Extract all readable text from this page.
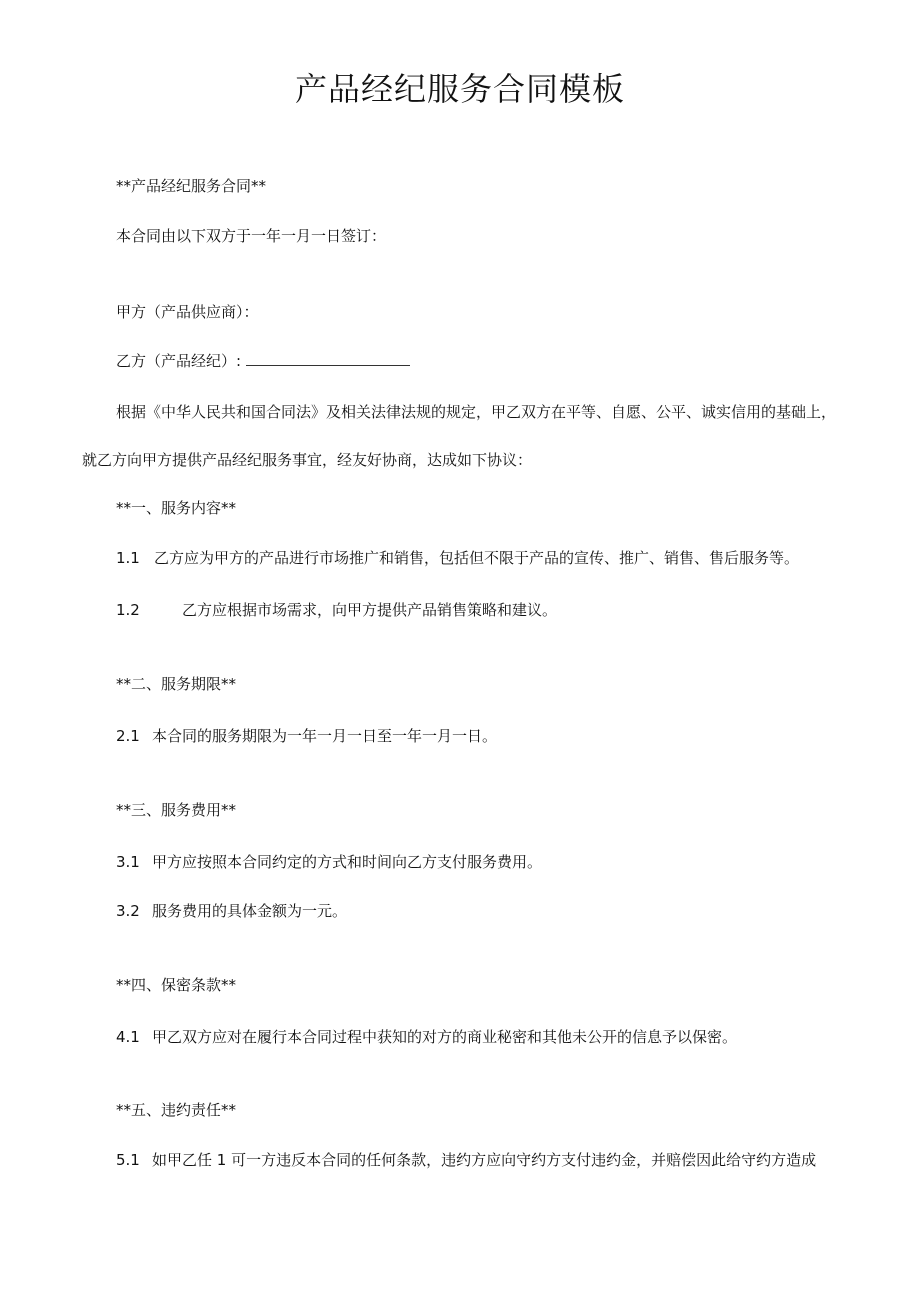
产品经纪服务合同模板
**产品经纪服务合同**
本合同由以下双方于一年一月一日签订：
甲方（产品供应商）：
乙方（产品经纪）:
根据《中华人民共和国合同法》及相关法律法规的规定，甲乙双方在平等、自愿、公平、诚实信用的基础上，
就乙方向甲方提供产品经纪服务事宜，经友好协商，达成如下协议：
**一、服务内容**
1.1 乙方应为甲方的产品进行市场推广和销售，包括但不限于产品的宣传、推广、销售、售后服务等。
1.2	乙方应根据市场需求，向甲方提供产品销售策略和建议。
**二、服务期限**
2.1 本合同的服务期限为一年一月一日至一年一月一日。
**三、服务费用**
3.1 甲方应按照本合同约定的方式和时间向乙方支付服务费用。
3.2 服务费用的具体金额为一元。
**四、保密条款**
4.1 甲乙双方应对在履行本合同过程中获知的对方的商业秘密和其他未公开的信息予以保密。
**五、违约责任**
5.1 如甲乙任 1 可一方违反本合同的任何条款，违约方应向守约方支付违约金，并赔偿因此给守约方造成
